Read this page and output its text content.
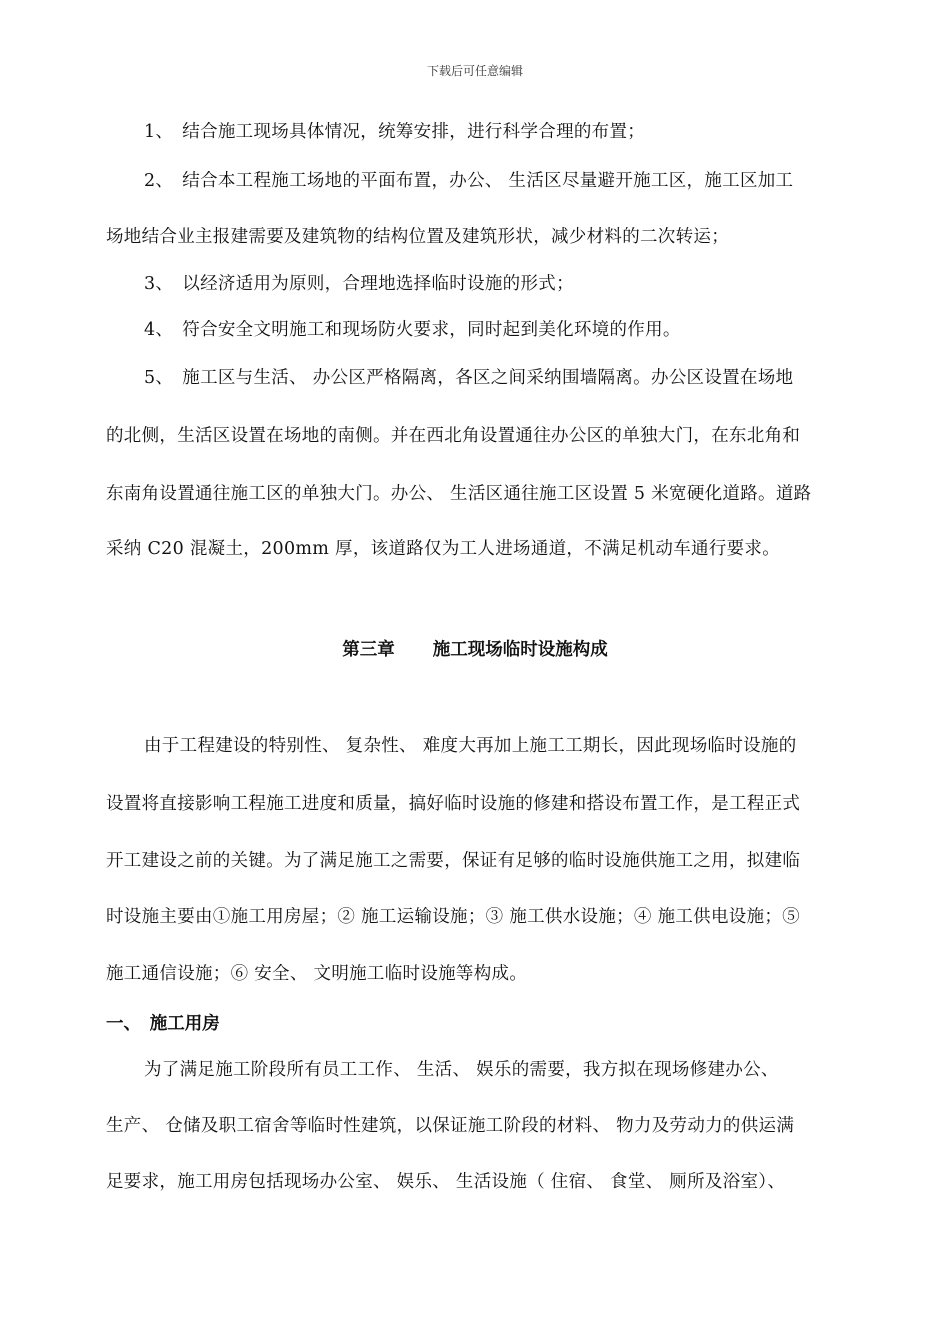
下载后可任意编辑
1、　结合施工现场具体情况，统筹安排，进行科学合理的布置；
2、　结合本工程施工场地的平面布置，办公、 生活区尽量避开施工区，施工区加工
场地结合业主报建需要及建筑物的结构位置及建筑形状，减少材料的二次转运；
3、　以经济适用为原则，合理地选择临时设施的形式；
4、　符合安全文明施工和现场防火要求，同时起到美化环境的作用。
5、　施工区与生活、 办公区严格隔离，各区之间采纳围墙隔离。办公区设置在场地
的北侧，生活区设置在场地的南侧。并在西北角设置通往办公区的单独大门，在东北角和
东南角设置通往施工区的单独大门。办公、 生活区通往施工区设置 5 米宽硬化道路。道路
采纳 C20 混凝土，200mm 厚，该道路仅为工人进场通道，不满足机动车通行要求。
第三章 施工现场临时设施构成
由于工程建设的特别性、 复杂性、 难度大再加上施工工期长，因此现场临时设施的
设置将直接影响工程施工进度和质量，搞好临时设施的修建和搭设布置工作，是工程正式
开工建设之前的关键。为了满足施工之需要，保证有足够的临时设施供施工之用，拟建临
时设施主要由①施工用房屋；② 施工运输设施；③ 施工供水设施；④ 施工供电设施；⑤
施工通信设施；⑥ 安全、 文明施工临时设施等构成。
一、　施工用房
为了满足施工阶段所有员工工作、 生活、 娱乐的需要，我方拟在现场修建办公、
生产、 仓储及职工宿舍等临时性建筑，以保证施工阶段的材料、 物力及劳动力的供运满
足要求，施工用房包括现场办公室、 娱乐、 生活设施（ 住宿、 食堂、 厕所及浴室）、
